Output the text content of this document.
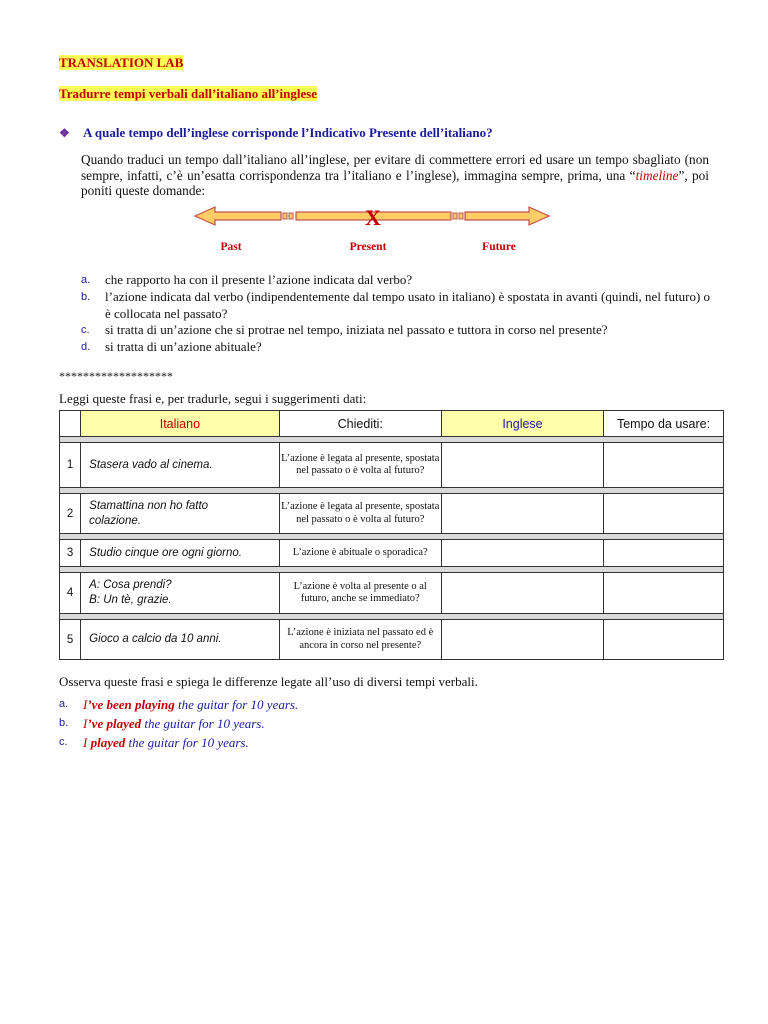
TRANSLATION LAB
Tradurre tempi verbali dall’italiano all’inglese
❖ A quale tempo dell’inglese corrisponde l’Indicativo Presente dell’italiano?
Quando traduci un tempo dall’italiano all’inglese, per evitare di commettere errori ed usare un tempo sbagliato (non sempre, infatti, c’è un’esatta corrispondenza tra l’italiano e l’inglese), immagina sempre, prima, una “timeline”, poi poniti queste domande:
X
Past	Present	Future
a.	che rapporto ha con il presente l’azione indicata dal verbo?
b.	l’azione indicata dal verbo (indipendentemente dal tempo usato in italiano) è spostata in avanti (quindi, nel futuro) o è collocata nel passato?
c.	si tratta di un’azione che si protrae nel tempo, iniziata nel passato e tuttora in corso nel presente?
d.	si tratta di un’azione abituale?
*******************
Leggi queste frasi e, per tradurle, segui i suggerimenti dati:
	Italiano	Chiediti:	Inglese	Tempo da usare:

1	Stasera vado al cinema.	L’azione è legata al presente, spostata nel passato o è volta al futuro?		

2	Stamattina non ho fatto
colazione.	L’azione è legata al presente, spostata nel passato o è volta al futuro?		

3	Studio cinque ore ogni giorno.	L’azione è abituale o sporadica?		

4	A: Cosa prendi?
B: Un tè, grazie.	L’azione è volta al presente o al futuro, anche se immediato?		

5	Gioco a calcio da 10 anni.	L’azione è iniziata nel passato ed è ancora in corso nel presente?		
Osserva queste frasi e spiega le differenze legate all’uso di diversi tempi verbali.
a.	I’ve been playing the guitar for 10 years.
b.	I’ve played the guitar for 10 years.
c.	I played the guitar for 10 years.
